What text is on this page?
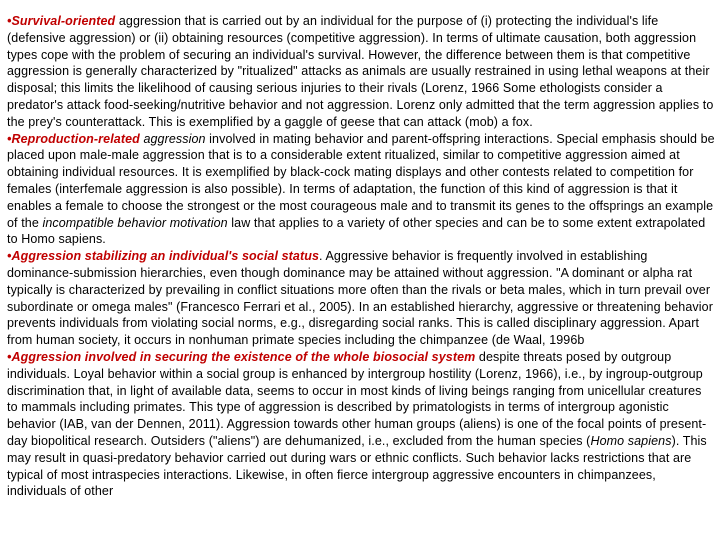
•Survival-oriented aggression that is carried out by an individual for the purpose of (i) protecting the individual's life (defensive aggression) or (ii) obtaining resources (competitive aggression). In terms of ultimate causation, both aggression types cope with the problem of securing an individual's survival. However, the difference between them is that competitive aggression is generally characterized by "ritualized" attacks as animals are usually restrained in using lethal weapons at their disposal; this limits the likelihood of causing serious injuries to their rivals (Lorenz, 1966 Some ethologists consider a predator's attack food-seeking/nutritive behavior and not aggression. Lorenz only admitted that the term aggression applies to the prey's counterattack. This is exemplified by a gaggle of geese that can attack (mob) a fox.

•Reproduction-related aggression involved in mating behavior and parent-offspring interactions. Special emphasis should be placed upon male-male aggression that is to a considerable extent ritualized, similar to competitive aggression aimed at obtaining individual resources. It is exemplified by black-cock mating displays and other contests related to competition for females (interfemale aggression is also possible). In terms of adaptation, the function of this kind of aggression is that it enables a female to choose the strongest or the most courageous male and to transmit its genes to the offsprings an example of the incompatible behavior motivation law that applies to a variety of other species and can be to some extent extrapolated to Homo sapiens.

•Aggression stabilizing an individual's social status. Aggressive behavior is frequently involved in establishing dominance-submission hierarchies, even though dominance may be attained without aggression. "A dominant or alpha rat typically is characterized by prevailing in conflict situations more often than the rivals or beta males, which in turn prevail over subordinate or omega males" (Francesco Ferrari et al., 2005). In an established hierarchy, aggressive or threatening behavior prevents individuals from violating social norms, e.g., disregarding social ranks. This is called disciplinary aggression. Apart from human society, it occurs in nonhuman primate species including the chimpanzee (de Waal, 1996b

•Aggression involved in securing the existence of the whole biosocial system despite threats posed by outgroup individuals. Loyal behavior within a social group is enhanced by intergroup hostility (Lorenz, 1966), i.e., by ingroup-outgroup discrimination that, in light of available data, seems to occur in most kinds of living beings ranging from unicellular creatures to mammals including primates. This type of aggression is described by primatologists in terms of intergroup agonistic behavior (IAB, van der Dennen, 2011). Aggression towards other human groups (aliens) is one of the focal points of present-day biopolitical research. Outsiders ("aliens") are dehumanized, i.e., excluded from the human species (Homo sapiens). This may result in quasi-predatory behavior carried out during wars or ethnic conflicts. Such behavior lacks restrictions that are typical of most intraspecies interactions. Likewise, in often fierce intergroup aggressive encounters in chimpanzees, individuals of other
